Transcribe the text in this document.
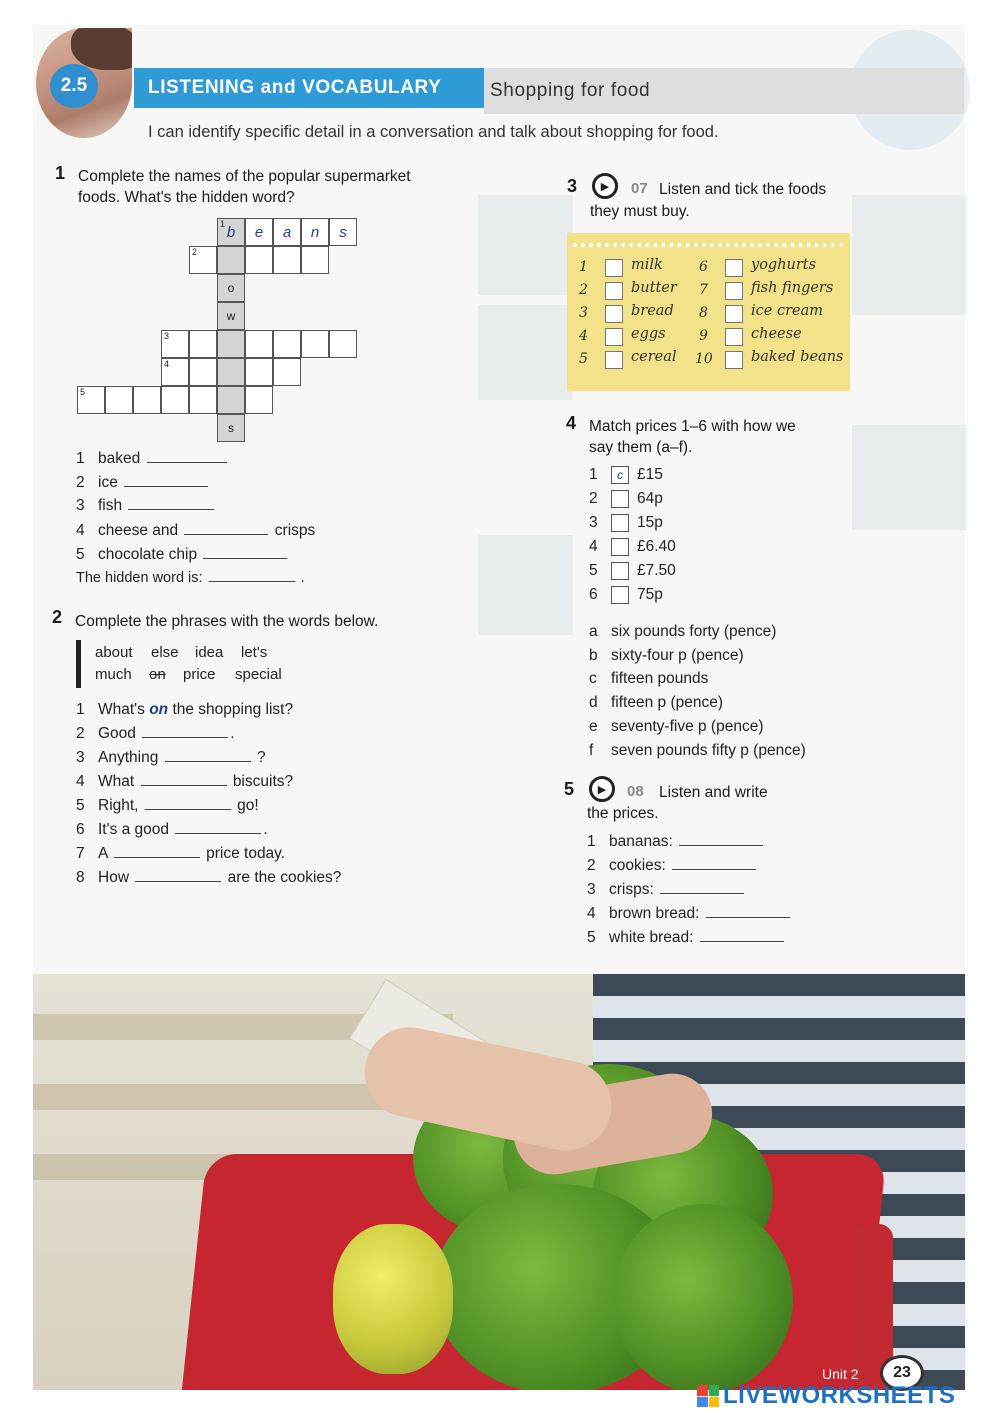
2.5	LISTENING and VOCABULARY	Shopping for food
I can identify specific detail in a conversation and talk about shopping for food.
1 Complete the names of the popular supermarket
foods. What's the hidden word?
1 b	e	a	n	s
2
o
w
3
4
5
s
1 baked
2 ice
3 fish
4 cheese and	crisps
5 chocolate chip
The hidden word is:	.
2 Complete the phrases with the words below.
about else idea let's
much on price special
1 What's on the shopping list?
2 Good	.
3 Anything	?
4 What	biscuits?
5 Right,	go!
6 It's a good	.
7 A	price today.
8 How	are the cookies?
3	▶	07 Listen and tick the foods
they must buy.
1	milk
2	butter
3	bread
4	eggs
5	cereal
6	yoghurts
7	fish fingers
8	ice cream
9	cheese
10	baked beans
4 Match prices 1–6 with how we
say them (a–f).
1 c £15
2	64p
3	15p
4	£6.40
5	£7.50
6	75p
a six pounds forty (pence)
b sixty-four p (pence)
c fifteen pounds
d fifteen p (pence)
e seventy-five p (pence)
f seven pounds fifty p (pence)
5	▶	08 Listen and write
the prices.
1 bananas:
2 cookies:
3 crisps:
4 brown bread:
5 white bread:
Unit 2	23
LIVEWORKSHEETS
